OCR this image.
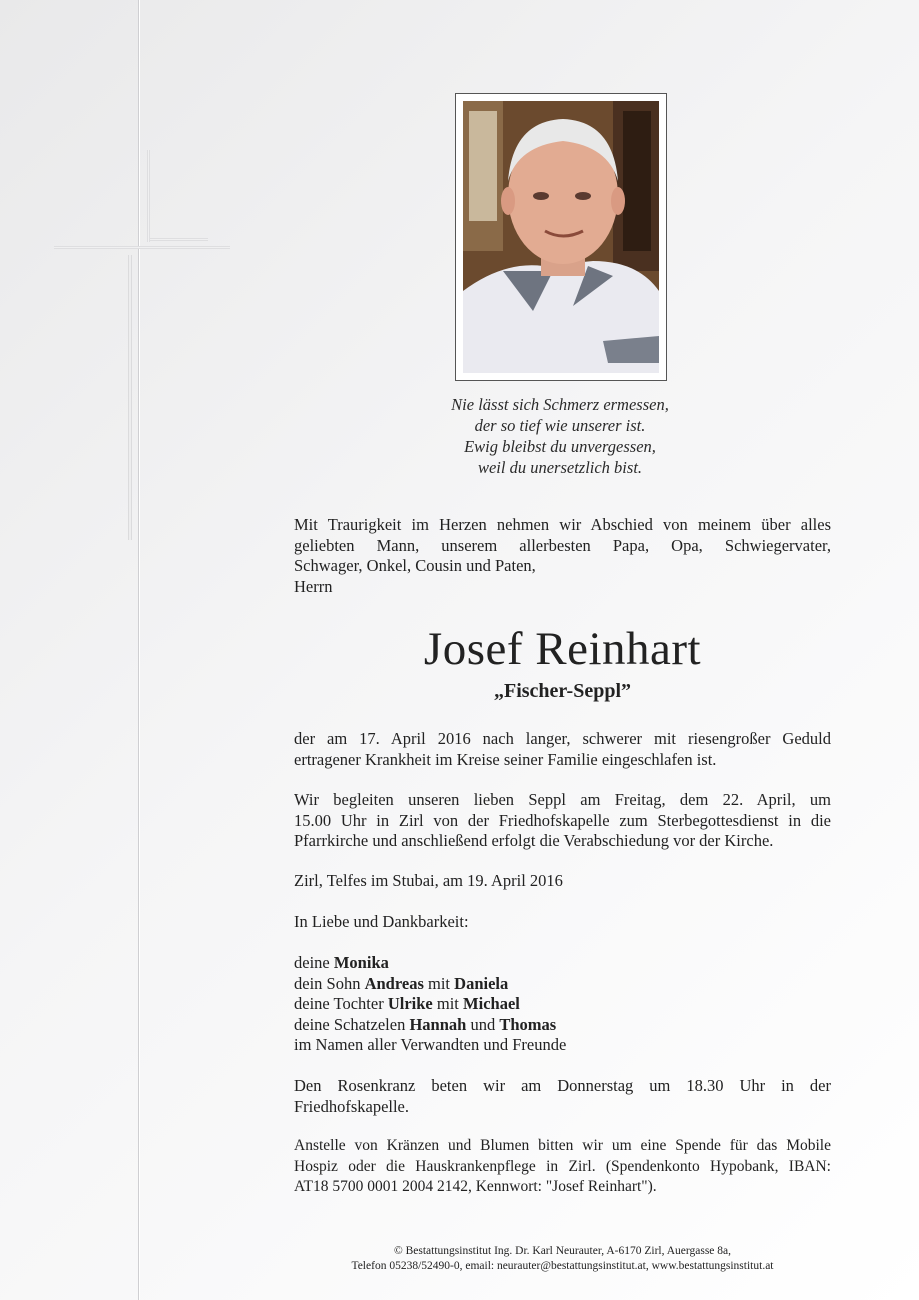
Nie lässt sich Schmerz ermessen,
der so tief wie unserer ist.
Ewig bleibst du unvergessen,
weil du unersetzlich bist.
Mit Traurigkeit im Herzen nehmen wir Abschied von meinem über alles
geliebten Mann, unserem allerbesten Papa, Opa, Schwiegervater,
Schwager, Onkel, Cousin und Paten,
Herrn
Josef Reinhart
„Fischer-Seppl”
der am 17. April 2016 nach langer, schwerer mit riesengroßer Geduld
ertragener Krankheit im Kreise seiner Familie eingeschlafen ist.
Wir begleiten unseren lieben Seppl am Freitag, dem 22. April, um
15.00 Uhr in Zirl von der Friedhofskapelle zum Sterbegottesdienst in die
Pfarrkirche und anschließend erfolgt die Verabschiedung vor der Kirche.
Zirl, Telfes im Stubai, am 19. April 2016
In Liebe und Dankbarkeit:
deine Monika
dein Sohn Andreas mit Daniela
deine Tochter Ulrike mit Michael
deine Schatzelen Hannah und Thomas
im Namen aller Verwandten und Freunde
Den Rosenkranz beten wir am Donnerstag um 18.30 Uhr in der
Friedhofskapelle.
Anstelle von Kränzen und Blumen bitten wir um eine Spende für das Mobile
Hospiz oder die Hauskrankenpflege in Zirl. (Spendenkonto Hypobank, IBAN:
AT18 5700 0001 2004 2142, Kennwort: "Josef Reinhart").
© Bestattungsinstitut Ing. Dr. Karl Neurauter, A-6170 Zirl, Auergasse 8a,
Telefon 05238/52490-0, email: neurauter@bestattungsinstitut.at, www.bestattungsinstitut.at
